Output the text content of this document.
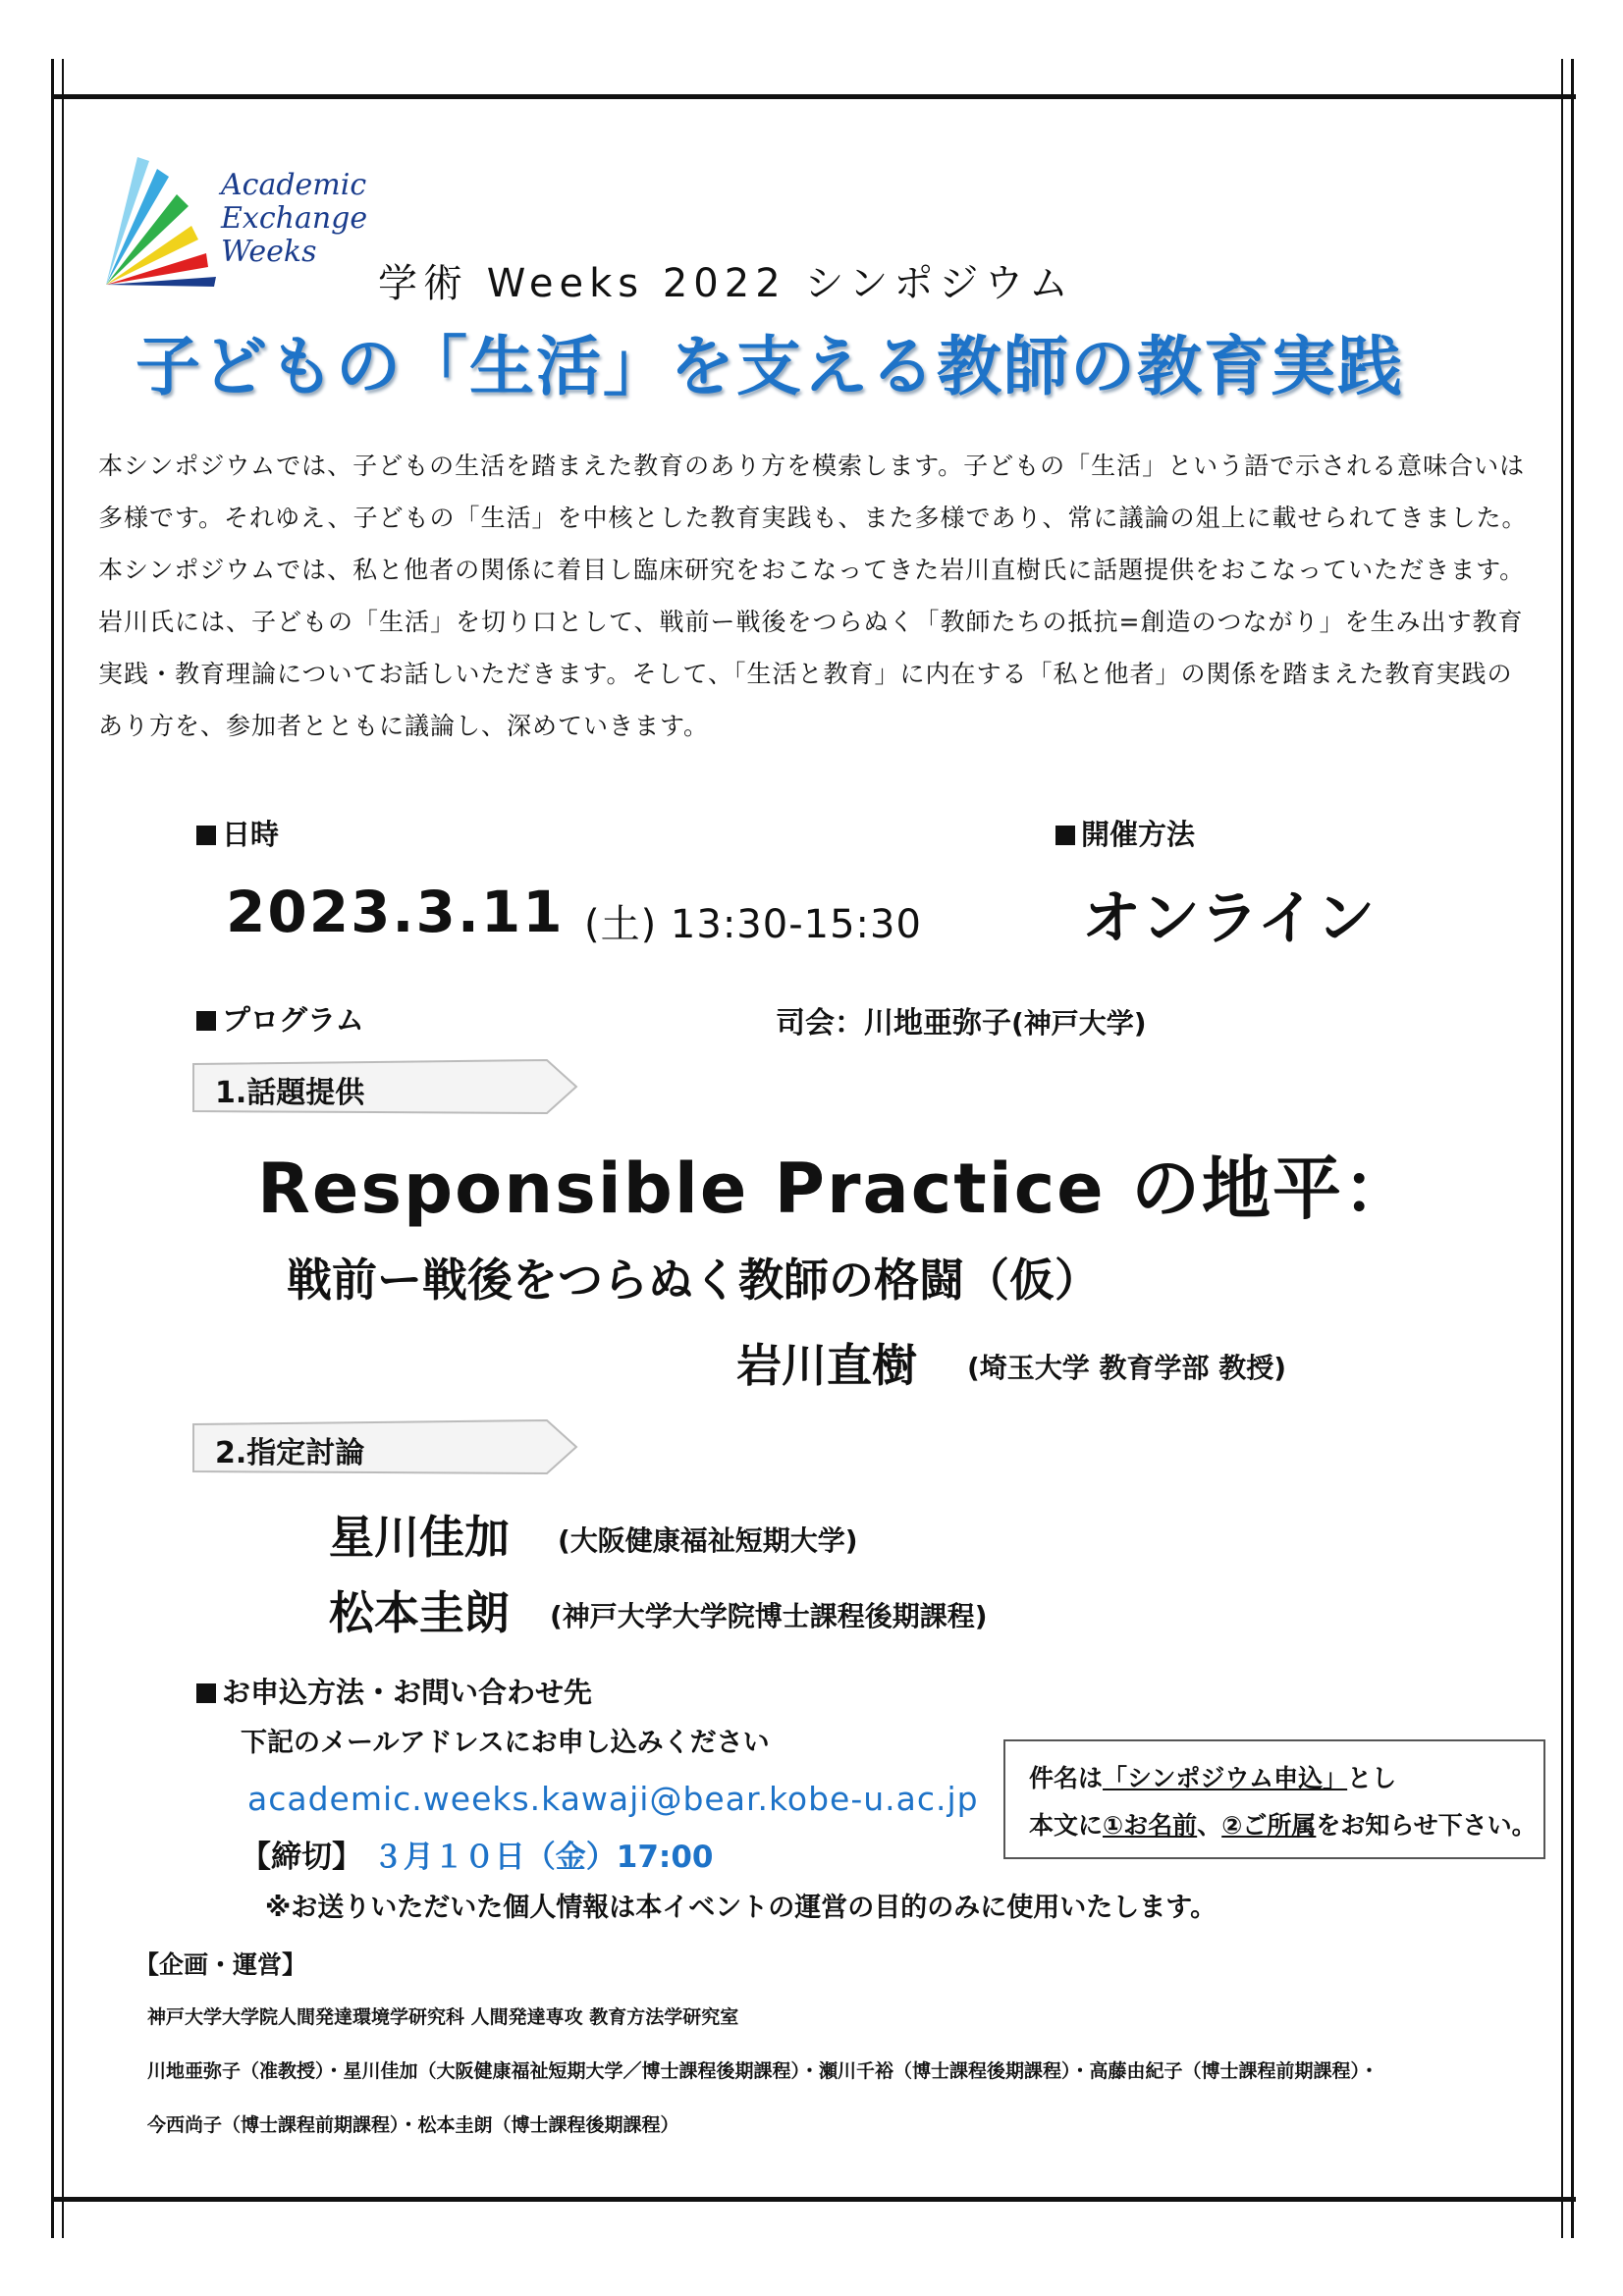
Academic
Exchange
Weeks
学術 Weeks 2022 シンポジウム
子どもの「生活」を支える教師の教育実践
本シンポジウムでは、子どもの生活を踏まえた教育のあり方を模索します。子どもの「生活」という語で示される意味合いは多様です。それゆえ、子どもの「生活」を中核とした教育実践も、また多様であり、常に議論の俎上に載せられてきました。本シンポジウムでは、私と他者の関係に着目し臨床研究をおこなってきた岩川直樹氏に話題提供をおこなっていただきます。岩川氏には、子どもの「生活」を切り口として、戦前ー戦後をつらぬく「教師たちの抵抗=創造のつながり」を生み出す教育実践・教育理論についてお話しいただきます。そして、「生活と教育」に内在する「私と他者」の関係を踏まえた教育実践のあり方を、参加者とともに議論し、深めていきます。
日時	開催方法
2023.3.11 (土) 13:30-15:30	オンライン
プログラム	司会：川地亜弥子(神戸大学)
1.話題提供
Responsible Practice の地平：
戦前ー戦後をつらぬく教師の格闘（仮）
岩川直樹 (埼玉大学 教育学部 教授)
2.指定討論
星川佳加 (大阪健康福祉短期大学)
松本圭朗 (神戸大学大学院博士課程後期課程)
お申込方法・お問い合わせ先
下記のメールアドレスにお申し込みください
academic.weeks.kawaji@bear.kobe-u.ac.jp
【締切】 ３月１０日（金）17:00
※お送りいただいた個人情報は本イベントの運営の目的のみに使用いたします。
件名は「シンポジウム申込」とし
本文に①お名前、②ご所属をお知らせ下さい。
【企画・運営】
神戸大学大学院人間発達環境学研究科 人間発達専攻 教育方法学研究室
川地亜弥子（准教授）・星川佳加（大阪健康福祉短期大学／博士課程後期課程）・瀬川千裕（博士課程後期課程）・高藤由紀子（博士課程前期課程）・
今西尚子（博士課程前期課程）・松本圭朗（博士課程後期課程）
